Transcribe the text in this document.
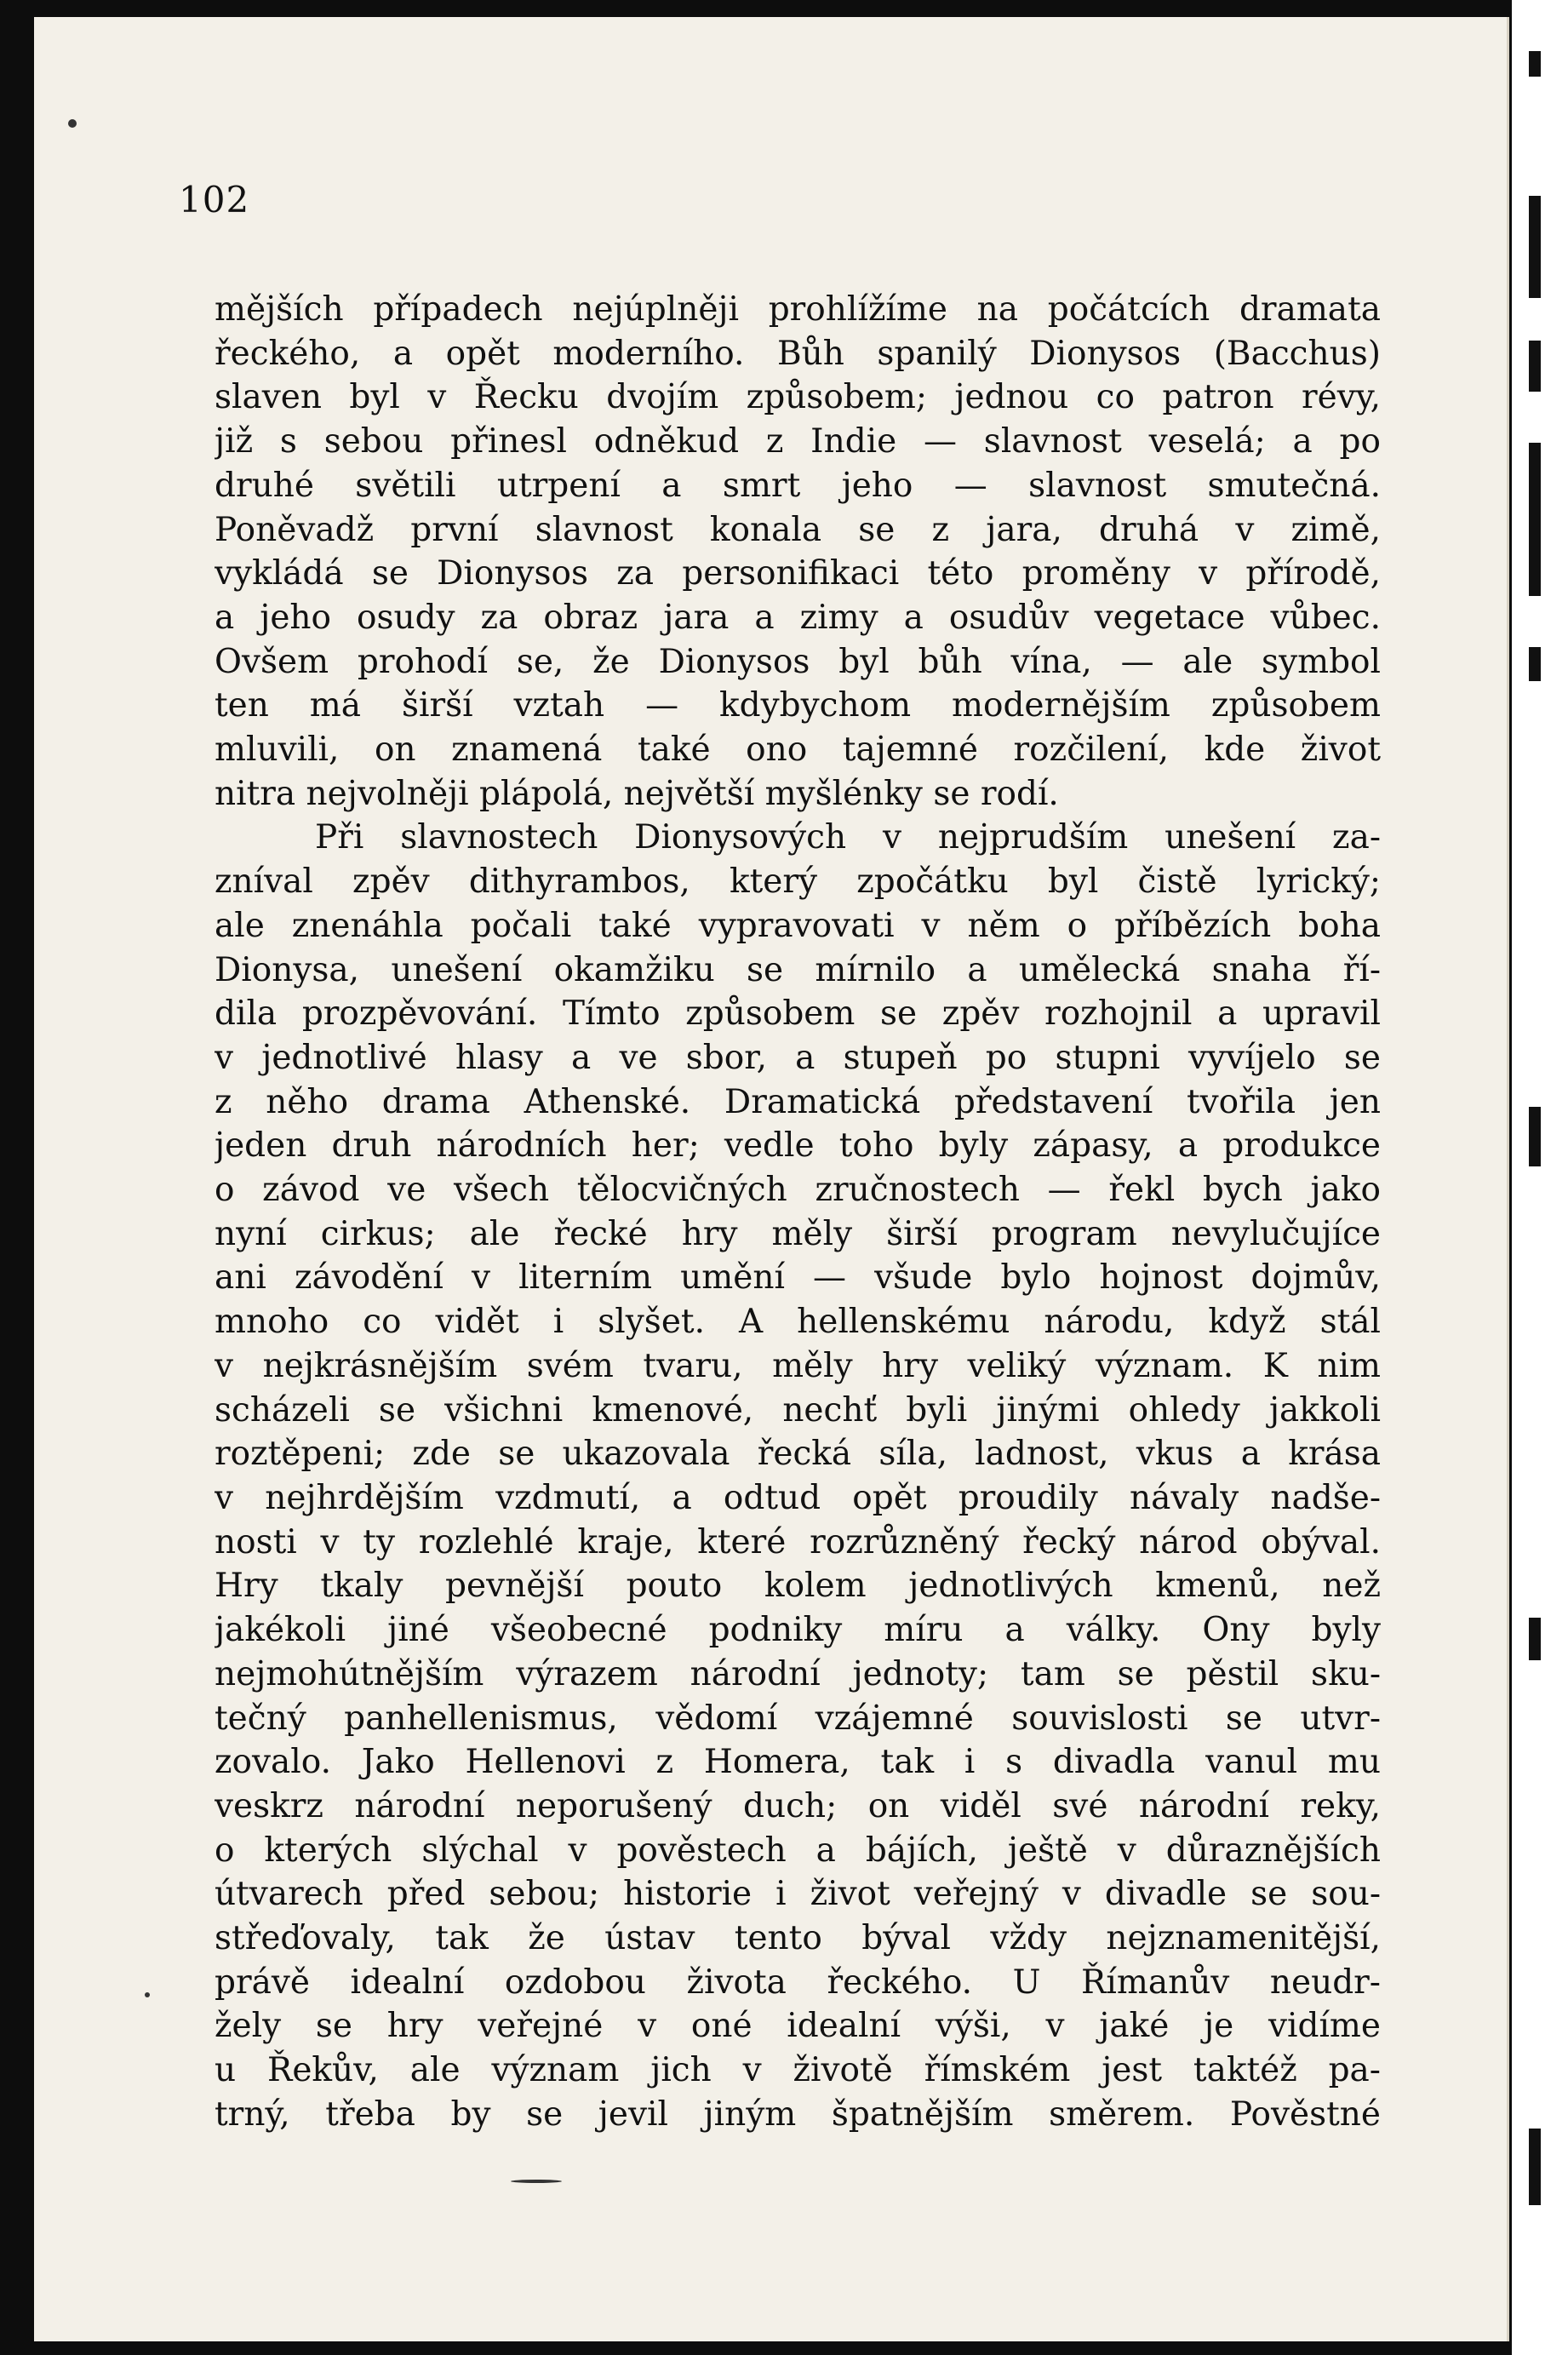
102
mějších případech nejúplněji prohlížíme na počátcích dramata
řeckého, a opět moderního. Bůh spanilý Dionysos (Bacchus)
slaven byl v Řecku dvojím způsobem; jednou co patron révy,
již s sebou přinesl odněkud z Indie — slavnost veselá; a po
druhé světili utrpení a smrt jeho — slavnost smutečná.
Poněvadž první slavnost konala se z jara, druhá v zimě,
vykládá se Dionysos za personifikaci této proměny v přírodě,
a jeho osudy za obraz jara a zimy a osudův vegetace vůbec.
Ovšem prohodí se, že Dionysos byl bůh vína, — ale symbol
ten má širší vztah — kdybychom modernějším způsobem
mluvili, on znamená také ono tajemné rozčilení, kde život
nitra nejvolněji plápolá, největší myšlénky se rodí.
Při slavnostech Dionysových v nejprudším unešení za-
zníval zpěv dithyrambos, který zpočátku byl čistě lyrický;
ale znenáhla počali také vypravovati v něm o příbězích boha
Dionysa, unešení okamžiku se mírnilo a umělecká snaha ří-
dila prozpěvování. Tímto způsobem se zpěv rozhojnil a upravil
v jednotlivé hlasy a ve sbor, a stupeň po stupni vyvíjelo se
z něho drama Athenské. Dramatická představení tvořila jen
jeden druh národních her; vedle toho byly zápasy, a produkce
o závod ve všech tělocvičných zručnostech — řekl bych jako
nyní cirkus; ale řecké hry měly širší program nevylučujíce
ani závodění v literním umění — všude bylo hojnost dojmův,
mnoho co vidět i slyšet. A hellenskému národu, když stál
v nejkrásnějším svém tvaru, měly hry veliký význam. K nim
scházeli se všichni kmenové, nechť byli jinými ohledy jakkoli
roztěpeni; zde se ukazovala řecká síla, ladnost, vkus a krása
v nejhrdějším vzdmutí, a odtud opět proudily návaly nadše-
nosti v ty rozlehlé kraje, které rozrůzněný řecký národ obýval.
Hry tkaly pevnější pouto kolem jednotlivých kmenů, než
jakékoli jiné všeobecné podniky míru a války. Ony byly
nejmohútnějším výrazem národní jednoty; tam se pěstil sku-
tečný panhellenismus, vědomí vzájemné souvislosti se utvr-
zovalo. Jako Hellenovi z Homera, tak i s divadla vanul mu
veskrz národní neporušený duch; on viděl své národní reky,
o kterých slýchal v pověstech a bájích, ještě v důraznějších
útvarech před sebou; historie i život veřejný v divadle se sou-
střeďovaly, tak že ústav tento býval vždy nejznamenitější,
právě idealní ozdobou života řeckého. U Římanův neudr-
žely se hry veřejné v oné idealní výši, v jaké je vidíme
u Řekův, ale význam jich v životě římském jest taktéž pa-
trný, třeba by se jevil jiným špatnějším směrem. Pověstné
